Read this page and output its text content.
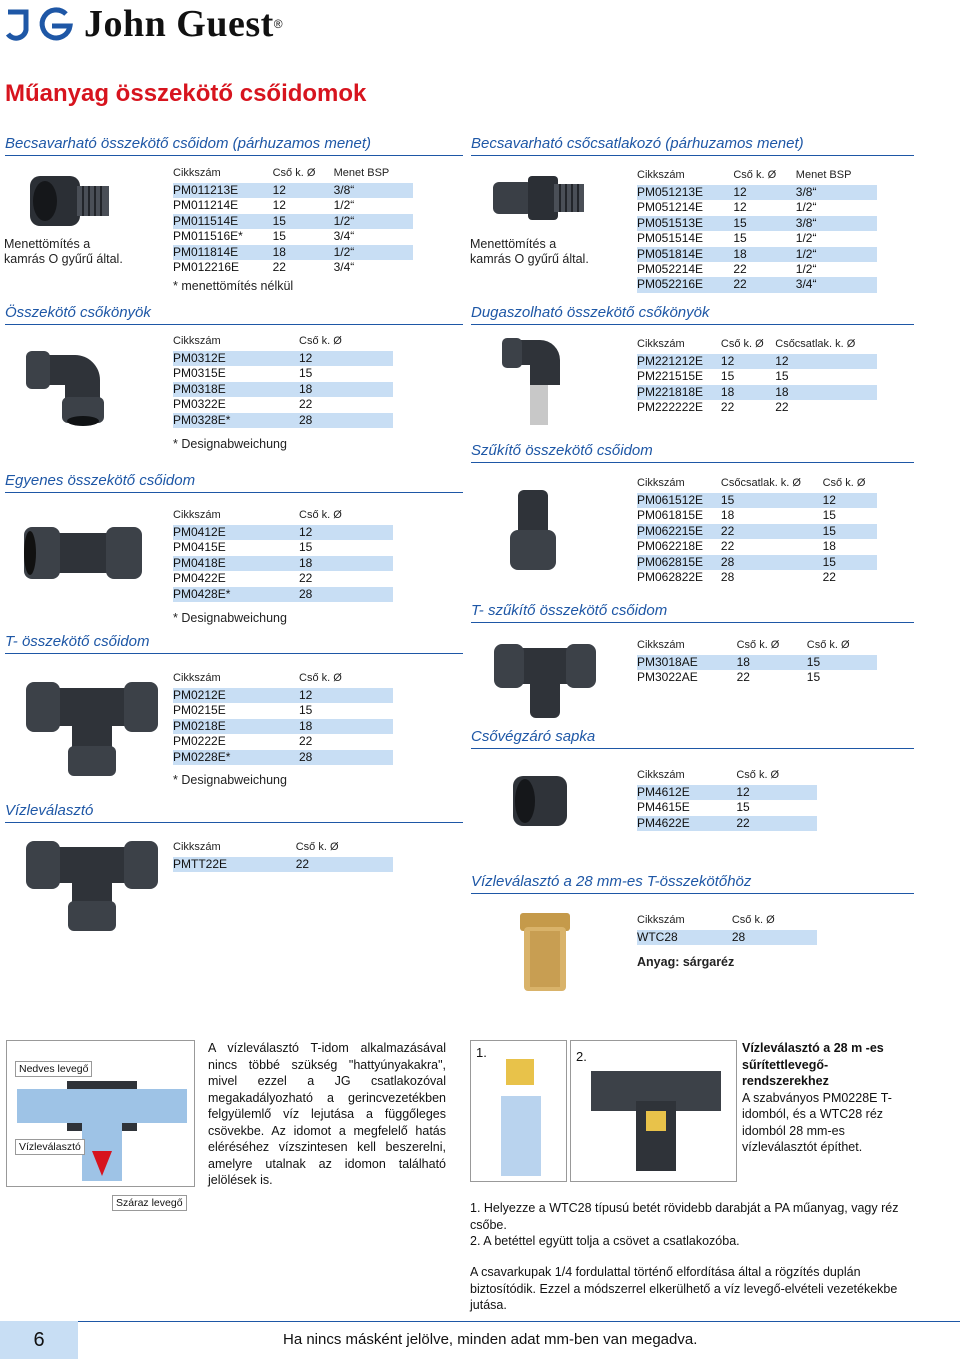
John Guest ®
Műanyag összekötő csőidomok
Becsavarható összekötő csőidom (párhuzamos menet)	Becsavarható csőcsatlakozó (párhuzamos menet)
Összekötő csőkönyök	Dugaszolható összekötő csőkönyök
Szűkítő összekötő csőidom
Egyenes összekötő csőidom
T- szűkítő összekötő csőidom
T- összekötő csőidom
Csővégzáró sapka
Vízleválasztó
Vízleválasztó a 28 mm-es T-összekötőhöz
Menettömítés a kamrás O gyűrű által.
Menettömítés a kamrás O gyűrű által.
* menettömítés nélkül
* Designabweichung
* Designabweichung
* Designabweichung
Anyag: sárgaréz
Cikkszám	Cső k. Ø	Menet BSP
PM011213E	12	3/8“
PM011214E	12	1/2“
PM011514E	15	1/2“
PM011516E*	15	3/4“
PM011814E	18	1/2“
PM012216E	22	3/4“
Cikkszám	Cső k. Ø	Menet BSP
PM051213E	12	3/8“
PM051214E	12	1/2“
PM051513E	15	3/8“
PM051514E	15	1/2“
PM051814E	18	1/2“
PM052214E	22	1/2“
PM052216E	22	3/4“
Cikkszám	Cső k. Ø
PM0312E	12
PM0315E	15
PM0318E	18
PM0322E	22
PM0328E*	28
Cikkszám	Cső k. Ø	Csőcsatlak. k. Ø
PM221212E	12	12
PM221515E	15	15
PM221818E	18	18
PM222222E	22	22
Cikkszám	Csőcsatlak. k. Ø	Cső k. Ø
PM061512E	15	12
PM061815E	18	15
PM062215E	22	15
PM062218E	22	18
PM062815E	28	15
PM062822E	28	22
Cikkszám	Cső k. Ø
PM0412E	12
PM0415E	15
PM0418E	18
PM0422E	22
PM0428E*	28
Cikkszám	Cső k. Ø	Cső k. Ø
PM3018AE	18	15
PM3022AE	22	15
Cikkszám	Cső k. Ø
PM0212E	12
PM0215E	15
PM0218E	18
PM0222E	22
PM0228E*	28
Cikkszám	Cső k. Ø
PM4612E	12
PM4615E	15
PM4622E	22
Cikkszám	Cső k. Ø
PMTT22E	22
Cikkszám	Cső k. Ø
WTC28	28
Nedves levegő
Vízleválasztó
Száraz levegő
A vízleválasztó T-idom alkalmazásával nincs többé szükség "hattyúnyakakra", mivel ezzel a JG csatlakozóval megakadályozható a gerincvezetékben felgyülemlő víz lejutása a függőleges csövekbe. Az idomot a megfelelő hatás eléréséhez vízszintesen kell beszerelni, amelyre utalnak az idomon található jelölések is.
1.	2.
Vízleválasztó a 28 m -es sűrítettlevegő-rendszerekhez
A szabványos PM0228E T-idomból, és a WTC28 réz idomból 28 mm-es vízleválasztót építhet.
1. Helyezze a WTC28 típusú betét rövidebb darabját a PA műanyag, vagy réz csőbe.
2. A betéttel együtt tolja a csövet a csatlakozóba.
A csavarkupak 1/4 fordulattal történő elfordítása által a rögzítés duplán biztosítódik. Ezzel a módszerrel elkerülhető a víz levegő-elvételi vezetékekbe jutása.
6	Ha nincs másként jelölve, minden adat mm-ben van megadva.
